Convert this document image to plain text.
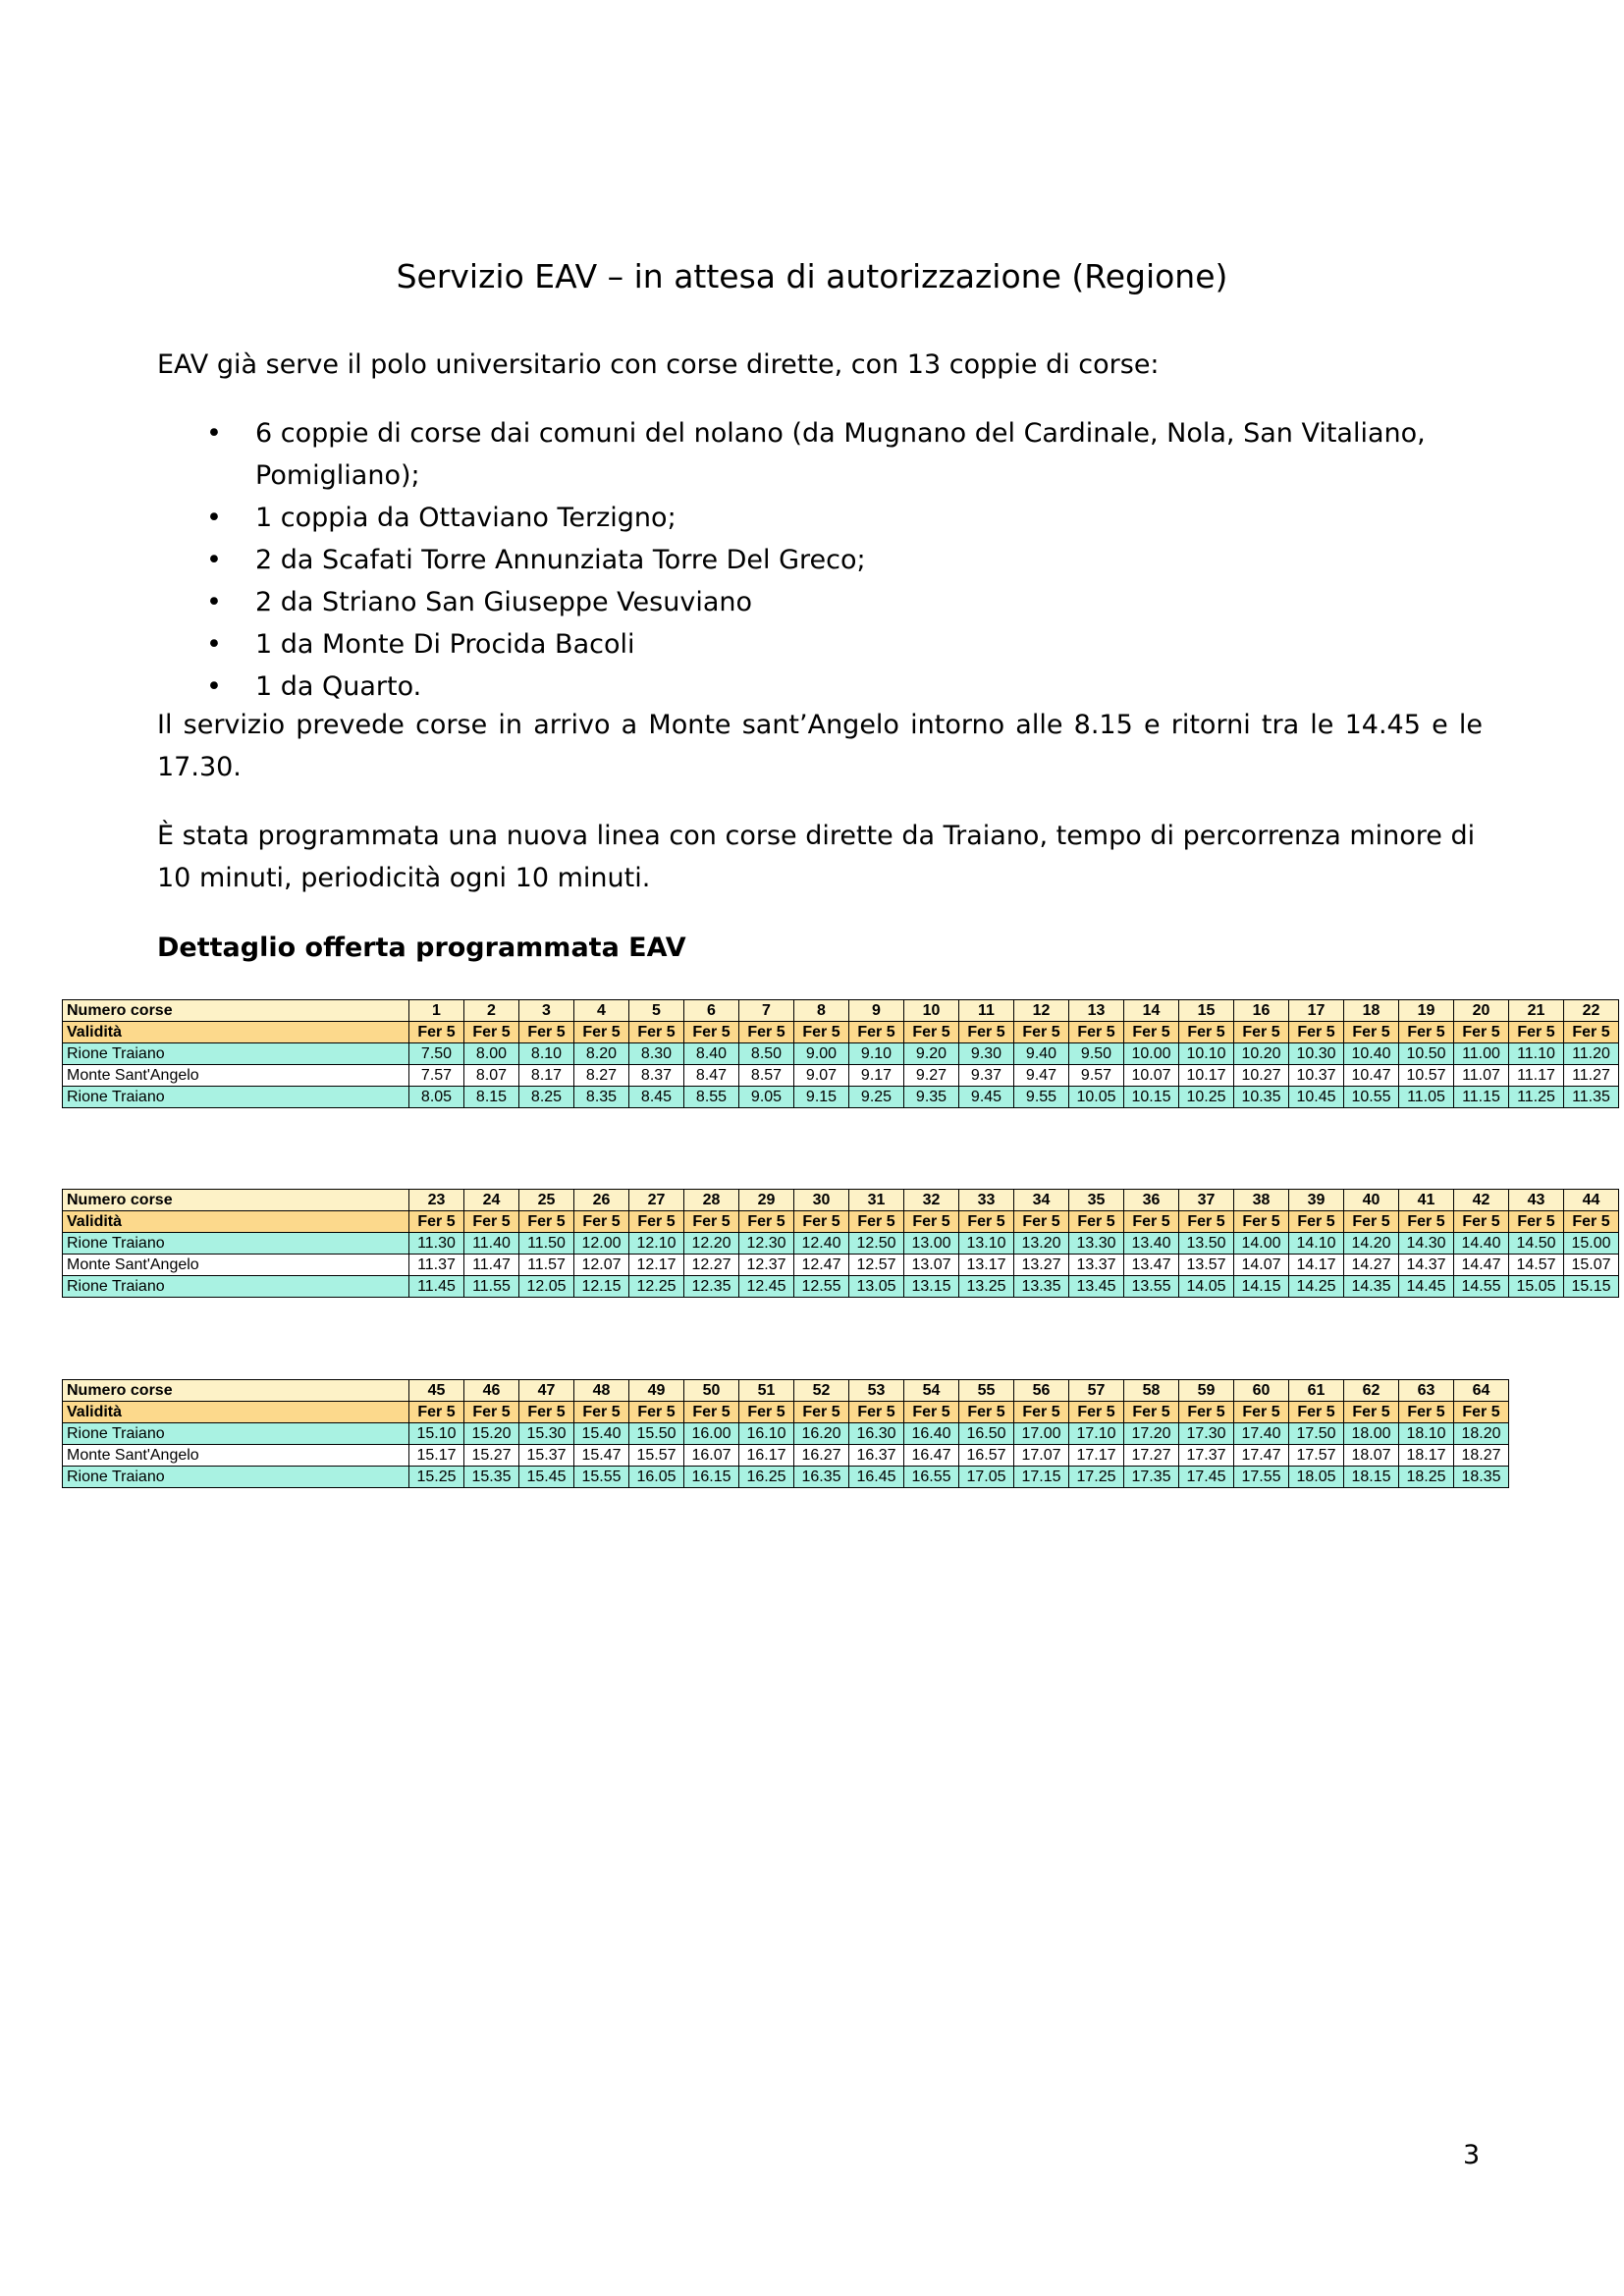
Servizio EAV – in attesa di autorizzazione (Regione)
EAV già serve il polo universitario con corse dirette, con 13 coppie di corse:
• 6 coppie di corse dai comuni del nolano (da Mugnano del Cardinale, Nola, San Vitaliano, Pomigliano);
• 1 coppia da Ottaviano Terzigno;
• 2 da Scafati Torre Annunziata Torre Del Greco;
• 2 da Striano San Giuseppe Vesuviano
• 1 da Monte Di Procida Bacoli
• 1 da Quarto.
Il servizio prevede corse in arrivo a Monte sant’Angelo intorno alle 8.15 e ritorni tra le 14.45 e le 17.30.
È stata programmata una nuova linea con corse dirette da Traiano, tempo di percorrenza minore di 10 minuti, periodicità ogni 10 minuti.
Dettaglio offerta programmata EAV
Numero corse	1	2	3	4	5	6	7	8	9	10	11	12	13	14	15	16	17	18	19	20	21	22
Validità	Fer 5	Fer 5	Fer 5	Fer 5	Fer 5	Fer 5	Fer 5	Fer 5	Fer 5	Fer 5	Fer 5	Fer 5	Fer 5	Fer 5	Fer 5	Fer 5	Fer 5	Fer 5	Fer 5	Fer 5	Fer 5	Fer 5
Rione Traiano	7.50	8.00	8.10	8.20	8.30	8.40	8.50	9.00	9.10	9.20	9.30	9.40	9.50	10.00	10.10	10.20	10.30	10.40	10.50	11.00	11.10	11.20
Monte Sant'Angelo	7.57	8.07	8.17	8.27	8.37	8.47	8.57	9.07	9.17	9.27	9.37	9.47	9.57	10.07	10.17	10.27	10.37	10.47	10.57	11.07	11.17	11.27
Rione Traiano	8.05	8.15	8.25	8.35	8.45	8.55	9.05	9.15	9.25	9.35	9.45	9.55	10.05	10.15	10.25	10.35	10.45	10.55	11.05	11.15	11.25	11.35
Numero corse	23	24	25	26	27	28	29	30	31	32	33	34	35	36	37	38	39	40	41	42	43	44
Validità	Fer 5	Fer 5	Fer 5	Fer 5	Fer 5	Fer 5	Fer 5	Fer 5	Fer 5	Fer 5	Fer 5	Fer 5	Fer 5	Fer 5	Fer 5	Fer 5	Fer 5	Fer 5	Fer 5	Fer 5	Fer 5	Fer 5
Rione Traiano	11.30	11.40	11.50	12.00	12.10	12.20	12.30	12.40	12.50	13.00	13.10	13.20	13.30	13.40	13.50	14.00	14.10	14.20	14.30	14.40	14.50	15.00
Monte Sant'Angelo	11.37	11.47	11.57	12.07	12.17	12.27	12.37	12.47	12.57	13.07	13.17	13.27	13.37	13.47	13.57	14.07	14.17	14.27	14.37	14.47	14.57	15.07
Rione Traiano	11.45	11.55	12.05	12.15	12.25	12.35	12.45	12.55	13.05	13.15	13.25	13.35	13.45	13.55	14.05	14.15	14.25	14.35	14.45	14.55	15.05	15.15
Numero corse	45	46	47	48	49	50	51	52	53	54	55	56	57	58	59	60	61	62	63	64
Validità	Fer 5	Fer 5	Fer 5	Fer 5	Fer 5	Fer 5	Fer 5	Fer 5	Fer 5	Fer 5	Fer 5	Fer 5	Fer 5	Fer 5	Fer 5	Fer 5	Fer 5	Fer 5	Fer 5	Fer 5
Rione Traiano	15.10	15.20	15.30	15.40	15.50	16.00	16.10	16.20	16.30	16.40	16.50	17.00	17.10	17.20	17.30	17.40	17.50	18.00	18.10	18.20
Monte Sant'Angelo	15.17	15.27	15.37	15.47	15.57	16.07	16.17	16.27	16.37	16.47	16.57	17.07	17.17	17.27	17.37	17.47	17.57	18.07	18.17	18.27
Rione Traiano	15.25	15.35	15.45	15.55	16.05	16.15	16.25	16.35	16.45	16.55	17.05	17.15	17.25	17.35	17.45	17.55	18.05	18.15	18.25	18.35
3
